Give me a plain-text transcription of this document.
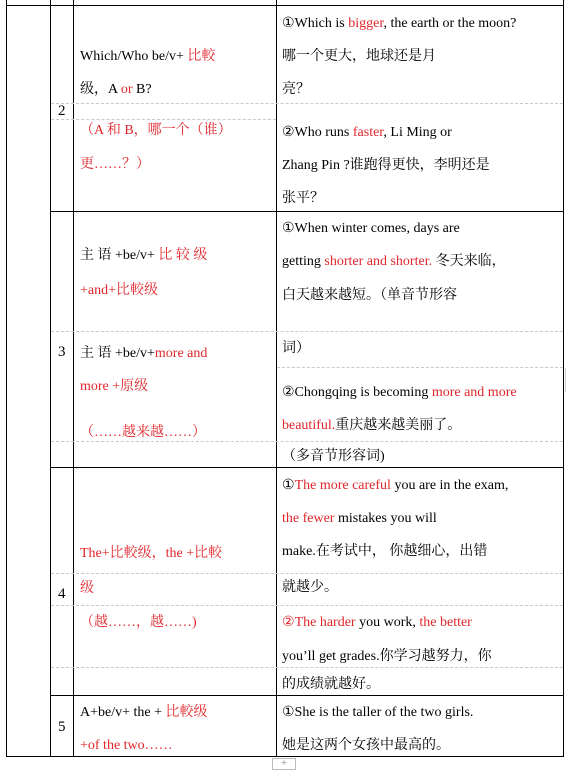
2
Which/Who be/v+ 比較
级，A or B?
（A 和 B，哪一个（谁）
更……？）
①Which is bigger, the earth or the moon?
哪一个更大，地球还是月
亮？
②Who runs faster, Li Ming or
Zhang Pin ?谁跑得更快，李明还是
张平？
3
主 语 +be/v+ 比 较 级
+and+比較级
主 语 +be/v+more and
more +原级
（……越来越……）
①When winter comes, days are
getting shorter and shorter. 冬天来临，
白天越来越短。（单音节形容
词）
②Chongqing is becoming more and more
beautiful.重庆越来越美丽了。
（多音节形容词)
4
The+比較级，the +比較
级
（越……，越……)
①The more careful you are in the exam,
the fewer mistakes you will
make.在考试中， 你越细心，出错
就越少。
②The harder you work, the better
you’ll get grades.你学习越努力，你
的成绩就越好。
5
A+be/v+ the + 比較级
+of the two……
①She is the taller of the two girls.
她是这两个女孩中最高的。
+
